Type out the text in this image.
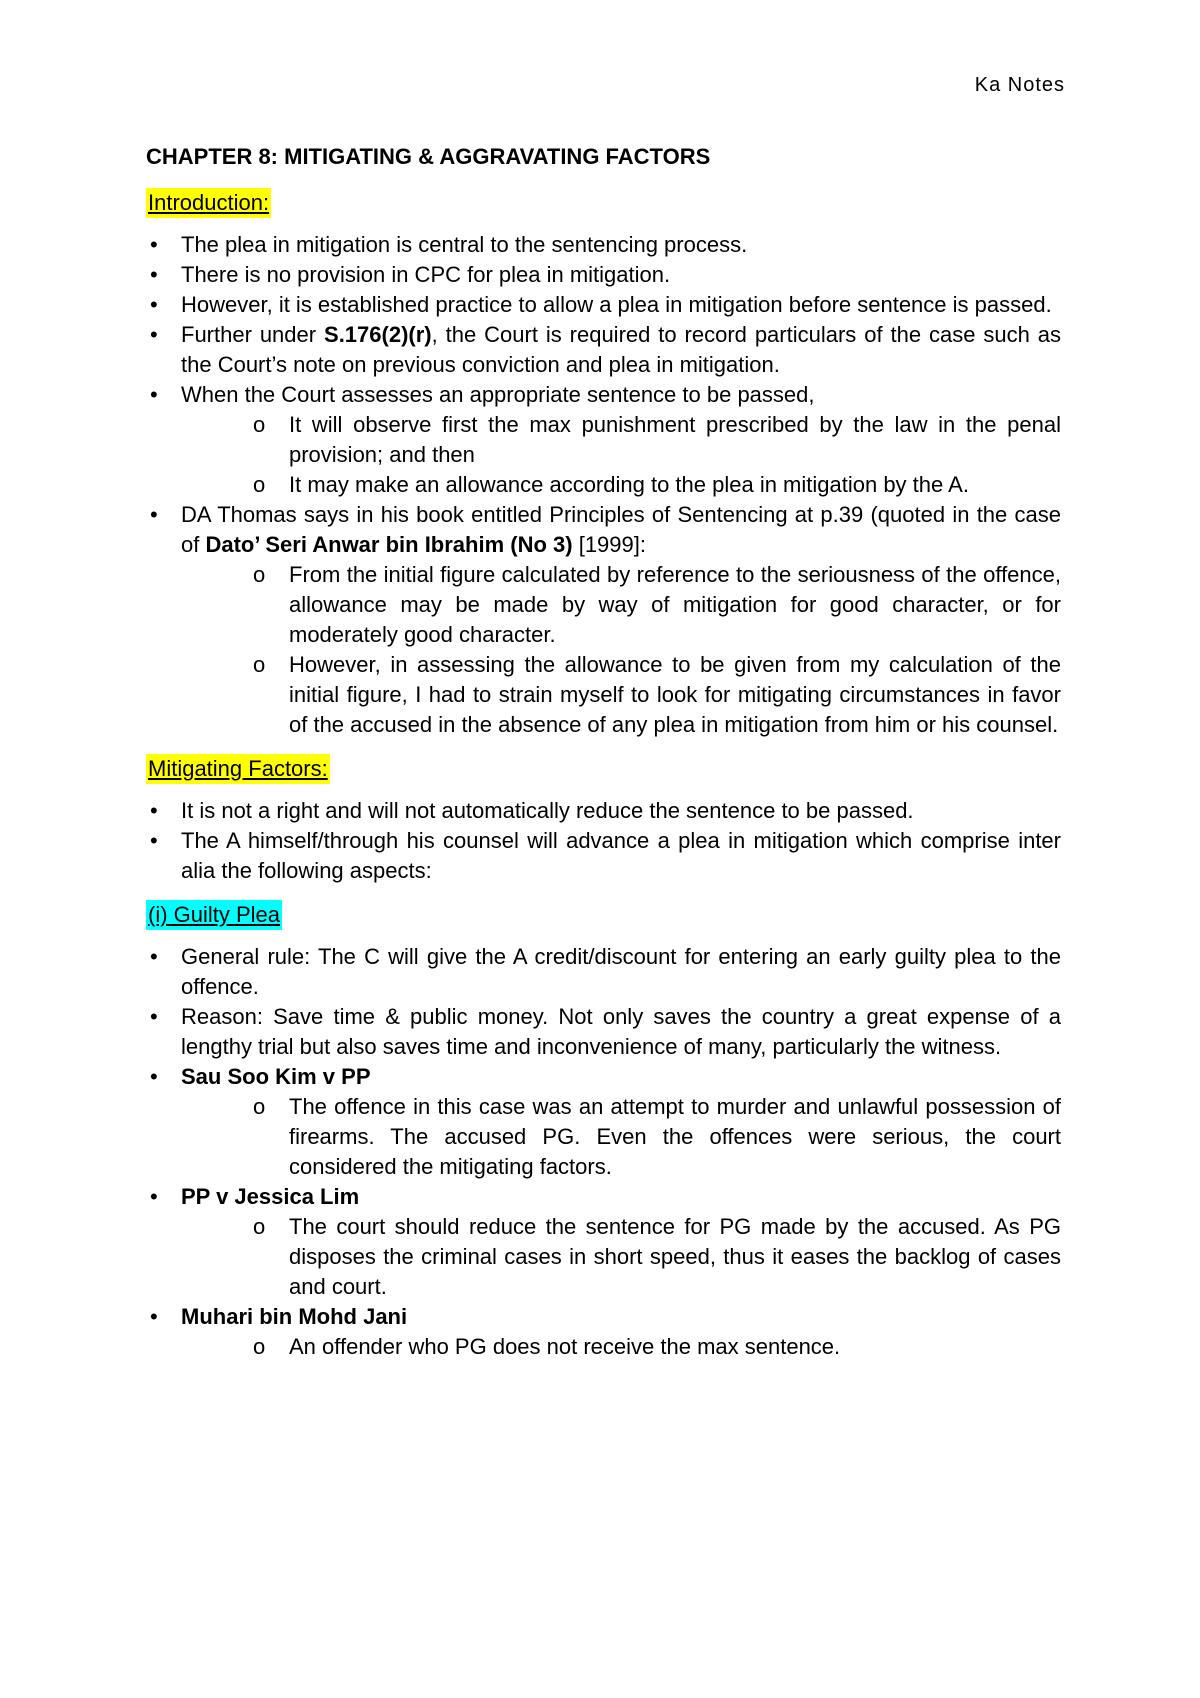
Ka Notes
CHAPTER 8: MITIGATING & AGGRAVATING FACTORS
Introduction:
• The plea in mitigation is central to the sentencing process.
• There is no provision in CPC for plea in mitigation.
• However, it is established practice to allow a plea in mitigation before sentence is passed.
• Further under S.176(2)(r), the Court is required to record particulars of the case such as the Court’s note on previous conviction and plea in mitigation.
• When the Court assesses an appropriate sentence to be passed,
o It will observe first the max punishment prescribed by the law in the penal provision; and then
o It may make an allowance according to the plea in mitigation by the A.
• DA Thomas says in his book entitled Principles of Sentencing at p.39 (quoted in the case of Dato’ Seri Anwar bin Ibrahim (No 3) [1999]:
o From the initial figure calculated by reference to the seriousness of the offence, allowance may be made by way of mitigation for good character, or for moderately good character.
o However, in assessing the allowance to be given from my calculation of the initial figure, I had to strain myself to look for mitigating circumstances in favor of the accused in the absence of any plea in mitigation from him or his counsel.
Mitigating Factors:
• It is not a right and will not automatically reduce the sentence to be passed.
• The A himself/through his counsel will advance a plea in mitigation which comprise inter alia the following aspects:
(i) Guilty Plea
• General rule: The C will give the A credit/discount for entering an early guilty plea to the offence.
• Reason: Save time & public money. Not only saves the country a great expense of a lengthy trial but also saves time and inconvenience of many, particularly the witness.
• Sau Soo Kim v PP
o The offence in this case was an attempt to murder and unlawful possession of firearms. The accused PG. Even the offences were serious, the court considered the mitigating factors.
• PP v Jessica Lim
o The court should reduce the sentence for PG made by the accused. As PG disposes the criminal cases in short speed, thus it eases the backlog of cases and court.
• Muhari bin Mohd Jani
o An offender who PG does not receive the max sentence.
